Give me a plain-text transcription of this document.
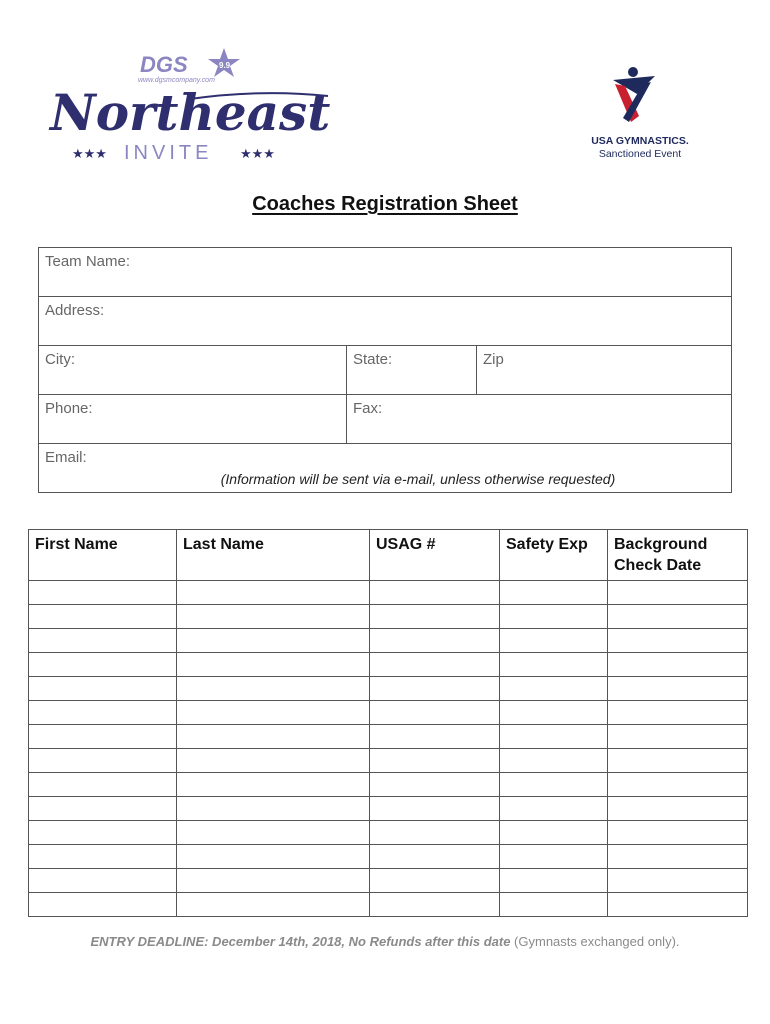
DGS	9.9
www.dgsmcompany.com
Northeast
★★★ INVITE ★★★
USA GYMNASTICS.
Sanctioned Event
Coaches Registration Sheet
Team Name:		
Address:		
City:	State:	Zip
Phone:	Fax:	
Email:		
(Information will be sent via e-mail, unless otherwise requested)
First Name	Last Name	USAG #	Safety Exp	Background Check Date

ENTRY DEADLINE: December 14th, 2018, No Refunds after this date (Gymnasts exchanged only).
